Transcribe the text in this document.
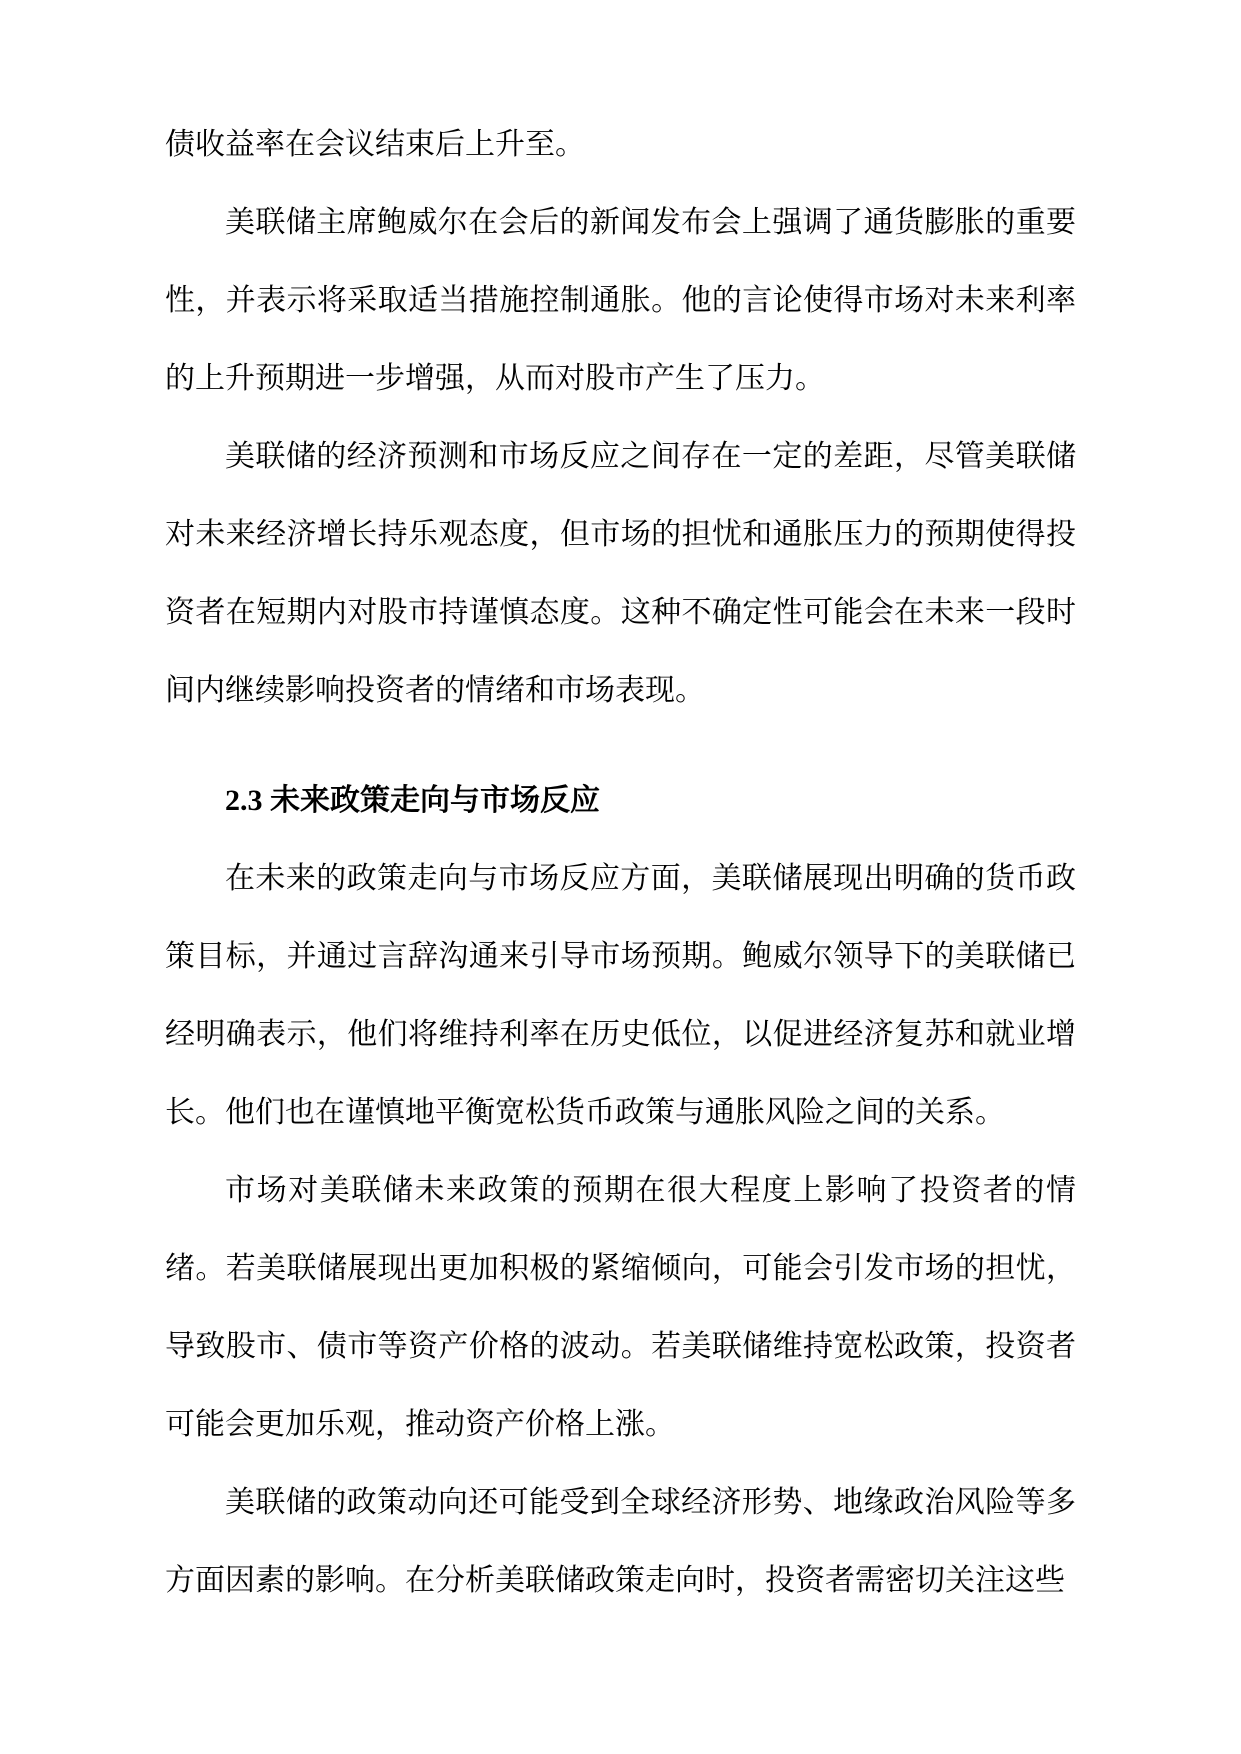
债收益率在会议结束后上升至。

美联储主席鲍威尔在会后的新闻发布会上强调了通货膨胀的重要性，并表示将采取适当措施控制通胀。他的言论使得市场对未来利率的上升预期进一步增强，从而对股市产生了压力。

美联储的经济预测和市场反应之间存在一定的差距，尽管美联储对未来经济增长持乐观态度，但市场的担忧和通胀压力的预期使得投资者在短期内对股市持谨慎态度。这种不确定性可能会在未来一段时间内继续影响投资者的情绪和市场表现。

2.3 未来政策走向与市场反应

在未来的政策走向与市场反应方面，美联储展现出明确的货币政策目标，并通过言辞沟通来引导市场预期。鲍威尔领导下的美联储已经明确表示，他们将维持利率在历史低位，以促进经济复苏和就业增长。他们也在谨慎地平衡宽松货币政策与通胀风险之间的关系。

市场对美联储未来政策的预期在很大程度上影响了投资者的情绪。若美联储展现出更加积极的紧缩倾向，可能会引发市场的担忧，导致股市、债市等资产价格的波动。若美联储维持宽松政策，投资者可能会更加乐观，推动资产价格上涨。

美联储的政策动向还可能受到全球经济形势、地缘政治风险等多方面因素的影响。在分析美联储政策走向时，投资者需密切关注这些
